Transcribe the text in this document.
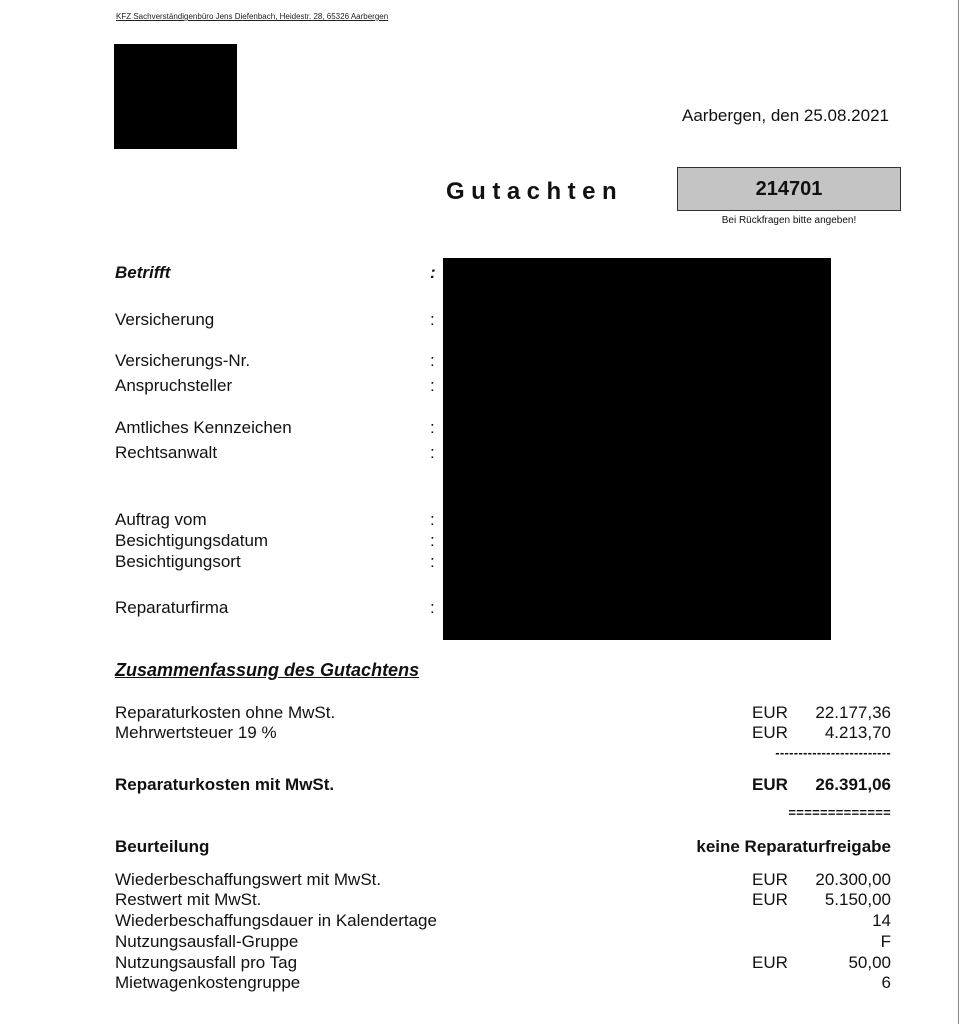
KFZ Sachverständigenbüro Jens Diefenbach, Heidestr. 28, 65326 Aarbergen
Aarbergen, den 25.08.2021
Gutachten	214701
Bei Rückfragen bitte angeben!
Betrifft	:
Versicherung	:
Versicherungs-Nr.	:
Anspruchsteller	:
Amtliches Kennzeichen	:
Rechtsanwalt	:
Auftrag vom	:
Besichtigungsdatum	:
Besichtigungsort	:
Reparaturfirma	:
Zusammenfassung des Gutachtens
Reparaturkosten ohne MwSt.	EUR 22.177,36
Mehrwertsteuer 19 %	EUR 4.213,70
-------------------------
Reparaturkosten mit MwSt.	EUR 26.391,06
=============
Beurteilung	keine Reparaturfreigabe
Wiederbeschaffungswert mit MwSt.	EUR 20.300,00
Restwert mit MwSt.	EUR 5.150,00
Wiederbeschaffungsdauer in Kalendertage	14
Nutzungsausfall-Gruppe	F
Nutzungsausfall pro Tag	EUR	50,00
Mietwagenkostengruppe	6
